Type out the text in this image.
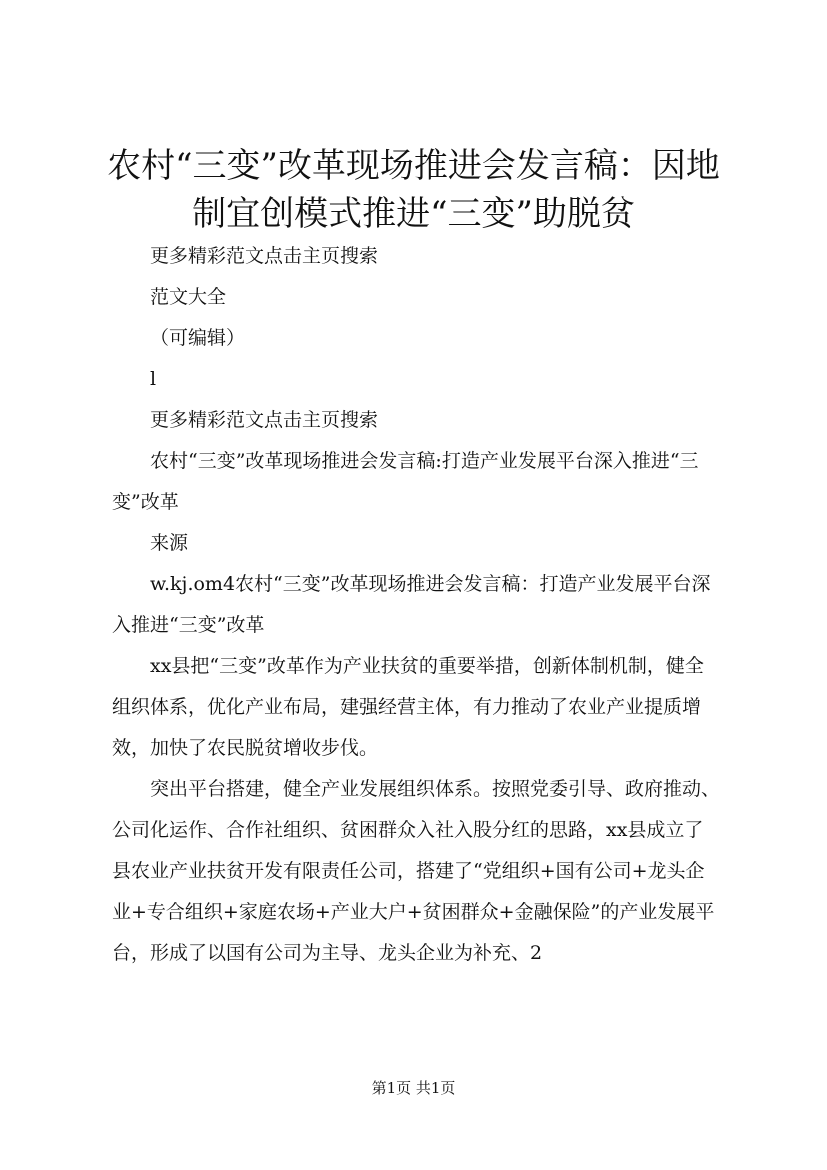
农村“三变”改革现场推进会发言稿：因地制宜创模式推进“三变”助脱贫

更多精彩范文点击主页搜索

范文大全

（可编辑）

l

更多精彩范文点击主页搜索

农村“三变”改革现场推进会发言稿:打造产业发展平台深入推进“三变”改革

来源

w.kj.om4农村“三变”改革现场推进会发言稿：打造产业发展平台深入推进“三变”改革

xx县把“三变”改革作为产业扶贫的重要举措，创新体制机制，健全组织体系，优化产业布局，建强经营主体，有力推动了农业产业提质增效，加快了农民脱贫增收步伐。

突出平台搭建，健全产业发展组织体系。按照党委引导、政府推动、公司化运作、合作社组织、贫困群众入社入股分红的思路，xx县成立了县农业产业扶贫开发有限责任公司，搭建了“党组织+国有公司+龙头企业+专合组织+家庭农场+产业大户+贫困群众+金融保险”的产业发展平台，形成了以国有公司为主导、龙头企业为补充、2

第1页 共1页
